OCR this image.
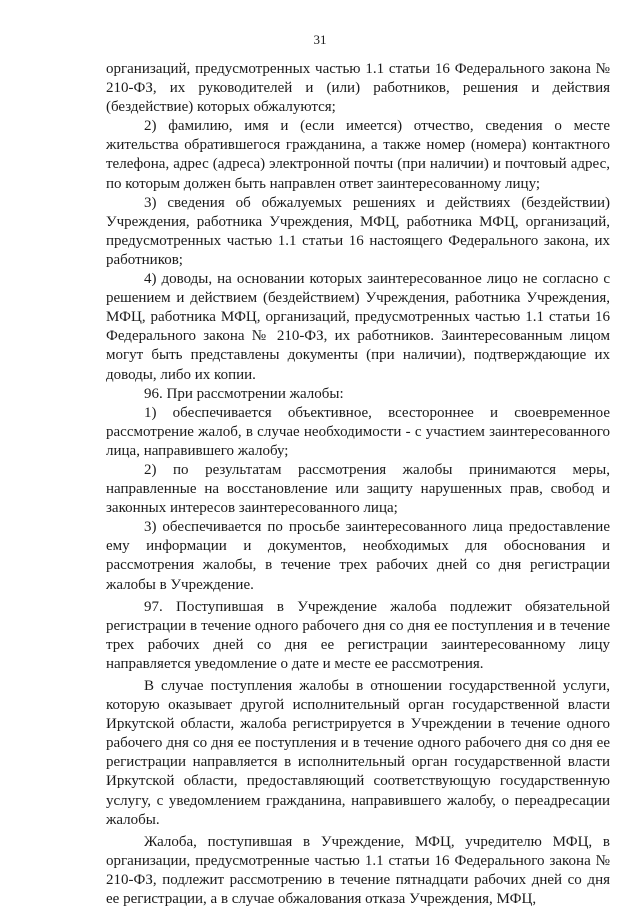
31

организаций, предусмотренных частью 1.1 статьи 16 Федерального закона № 210-ФЗ, их руководителей и (или) работников, решения и действия (бездействие) которых обжалуются;

2) фамилию, имя и (если имеется) отчество, сведения о месте жительства обратившегося гражданина, а также номер (номера) контактного телефона, адрес (адреса) электронной почты (при наличии) и почтовый адрес, по которым должен быть направлен ответ заинтересованному лицу;

3) сведения об обжалуемых решениях и действиях (бездействии) Учреждения, работника Учреждения, МФЦ, работника МФЦ, организаций, предусмотренных частью 1.1 статьи 16 настоящего Федерального закона, их работников;

4) доводы, на основании которых заинтересованное лицо не согласно с решением и действием (бездействием) Учреждения, работника Учреждения, МФЦ, работника МФЦ, организаций, предусмотренных частью 1.1 статьи 16 Федерального закона № 210-ФЗ, их работников. Заинтересованным лицом могут быть представлены документы (при наличии), подтверждающие их доводы, либо их копии.

96. При рассмотрении жалобы:

1) обеспечивается объективное, всестороннее и своевременное рассмотрение жалоб, в случае необходимости - с участием заинтересованного лица, направившего жалобу;

2) по результатам рассмотрения жалобы принимаются меры, направленные на восстановление или защиту нарушенных прав, свобод и законных интересов заинтересованного лица;

3) обеспечивается по просьбе заинтересованного лица предоставление ему информации и документов, необходимых для обоснования и рассмотрения жалобы, в течение трех рабочих дней со дня регистрации жалобы в Учреждение.

97. Поступившая в Учреждение жалоба подлежит обязательной регистрации в течение одного рабочего дня со дня ее поступления и в течение трех рабочих дней со дня ее регистрации заинтересованному лицу направляется уведомление о дате и месте ее рассмотрения.

В случае поступления жалобы в отношении государственной услуги, которую оказывает другой исполнительный орган государственной власти Иркутской области, жалоба регистрируется в Учреждении в течение одного рабочего дня со дня ее поступления и в течение одного рабочего дня со дня ее регистрации направляется в исполнительный орган государственной власти Иркутской области, предоставляющий соответствующую государственную услугу, с уведомлением гражданина, направившего жалобу, о переадресации жалобы.

Жалоба, поступившая в Учреждение, МФЦ, учредителю МФЦ, в организации, предусмотренные частью 1.1 статьи 16 Федерального закона № 210-ФЗ, подлежит рассмотрению в течение пятнадцати рабочих дней со дня ее регистрации, а в случае обжалования отказа Учреждения, МФЦ,
